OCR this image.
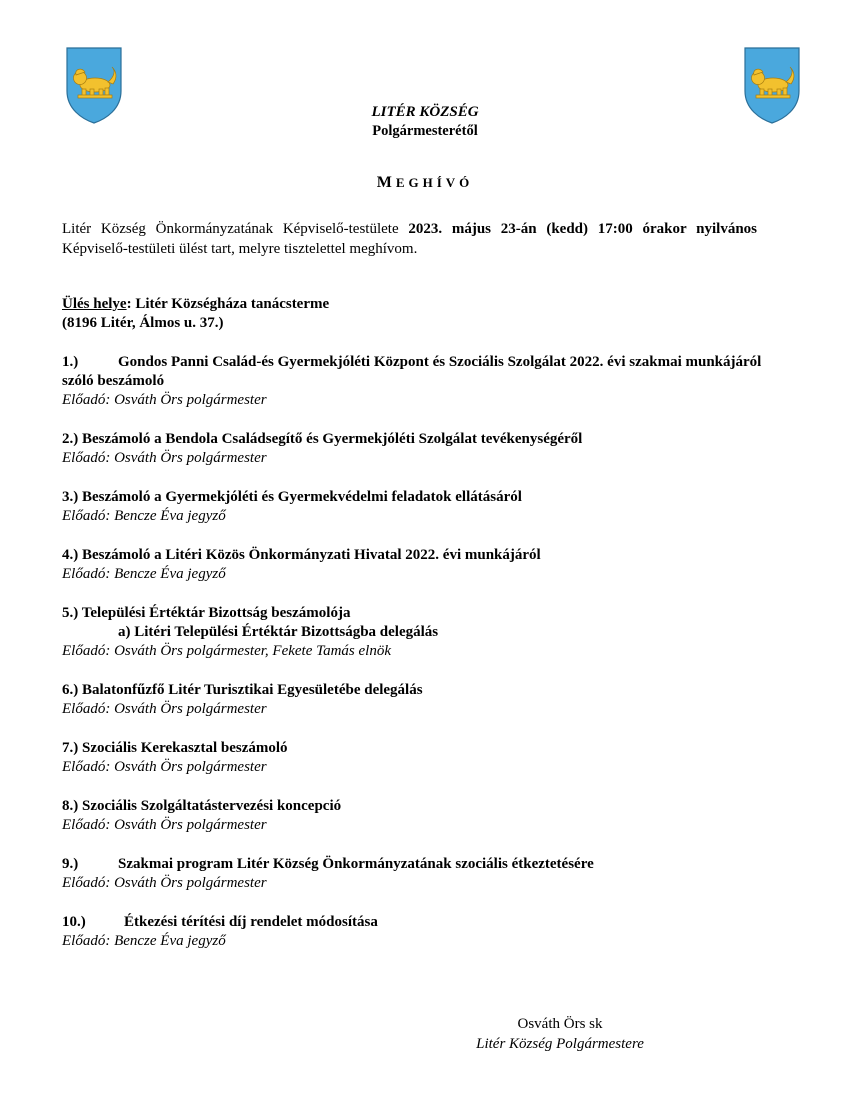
LITÉR KÖZSÉG
Polgármesterétől
MEGHÍVÓ
Litér Község Önkormányzatának Képviselő-testülete 2023. május 23-án (kedd) 17:00 órakor nyilvános Képviselő-testületi ülést tart, melyre tisztelettel meghívom.
Ülés helye: Litér Községháza tanácsterme
(8196 Litér, Álmos u. 37.)
1.)	Gondos Panni Család-és Gyermekjóléti Központ és Szociális Szolgálat 2022. évi szakmai munkájáról szóló beszámoló
Előadó: Osváth Örs polgármester
2.) Beszámoló a Bendola Családsegítő és Gyermekjóléti Szolgálat tevékenységéről
Előadó: Osváth Örs polgármester
3.) Beszámoló a Gyermekjóléti és Gyermekvédelmi feladatok ellátásáról
Előadó: Bencze Éva jegyző
4.) Beszámoló a Litéri Közös Önkormányzati Hivatal 2022. évi munkájáról
Előadó: Bencze Éva jegyző
5.) Települési Értéktár Bizottság beszámolója
a) Litéri Települési Értéktár Bizottságba delegálás
Előadó: Osváth Örs polgármester, Fekete Tamás elnök
6.) Balatonfűzfő Litér Turisztikai Egyesületébe delegálás
Előadó: Osváth Örs polgármester
7.) Szociális Kerekasztal beszámoló
Előadó: Osváth Örs polgármester
8.) Szociális Szolgáltatástervezési koncepció
Előadó: Osváth Örs polgármester
9.)	Szakmai program Litér Község Önkormányzatának szociális étkeztetésére
Előadó: Osváth Örs polgármester
10.)	Étkezési térítési díj rendelet módosítása
Előadó: Bencze Éva jegyző
Osváth Örs sk
Litér Község Polgármestere
